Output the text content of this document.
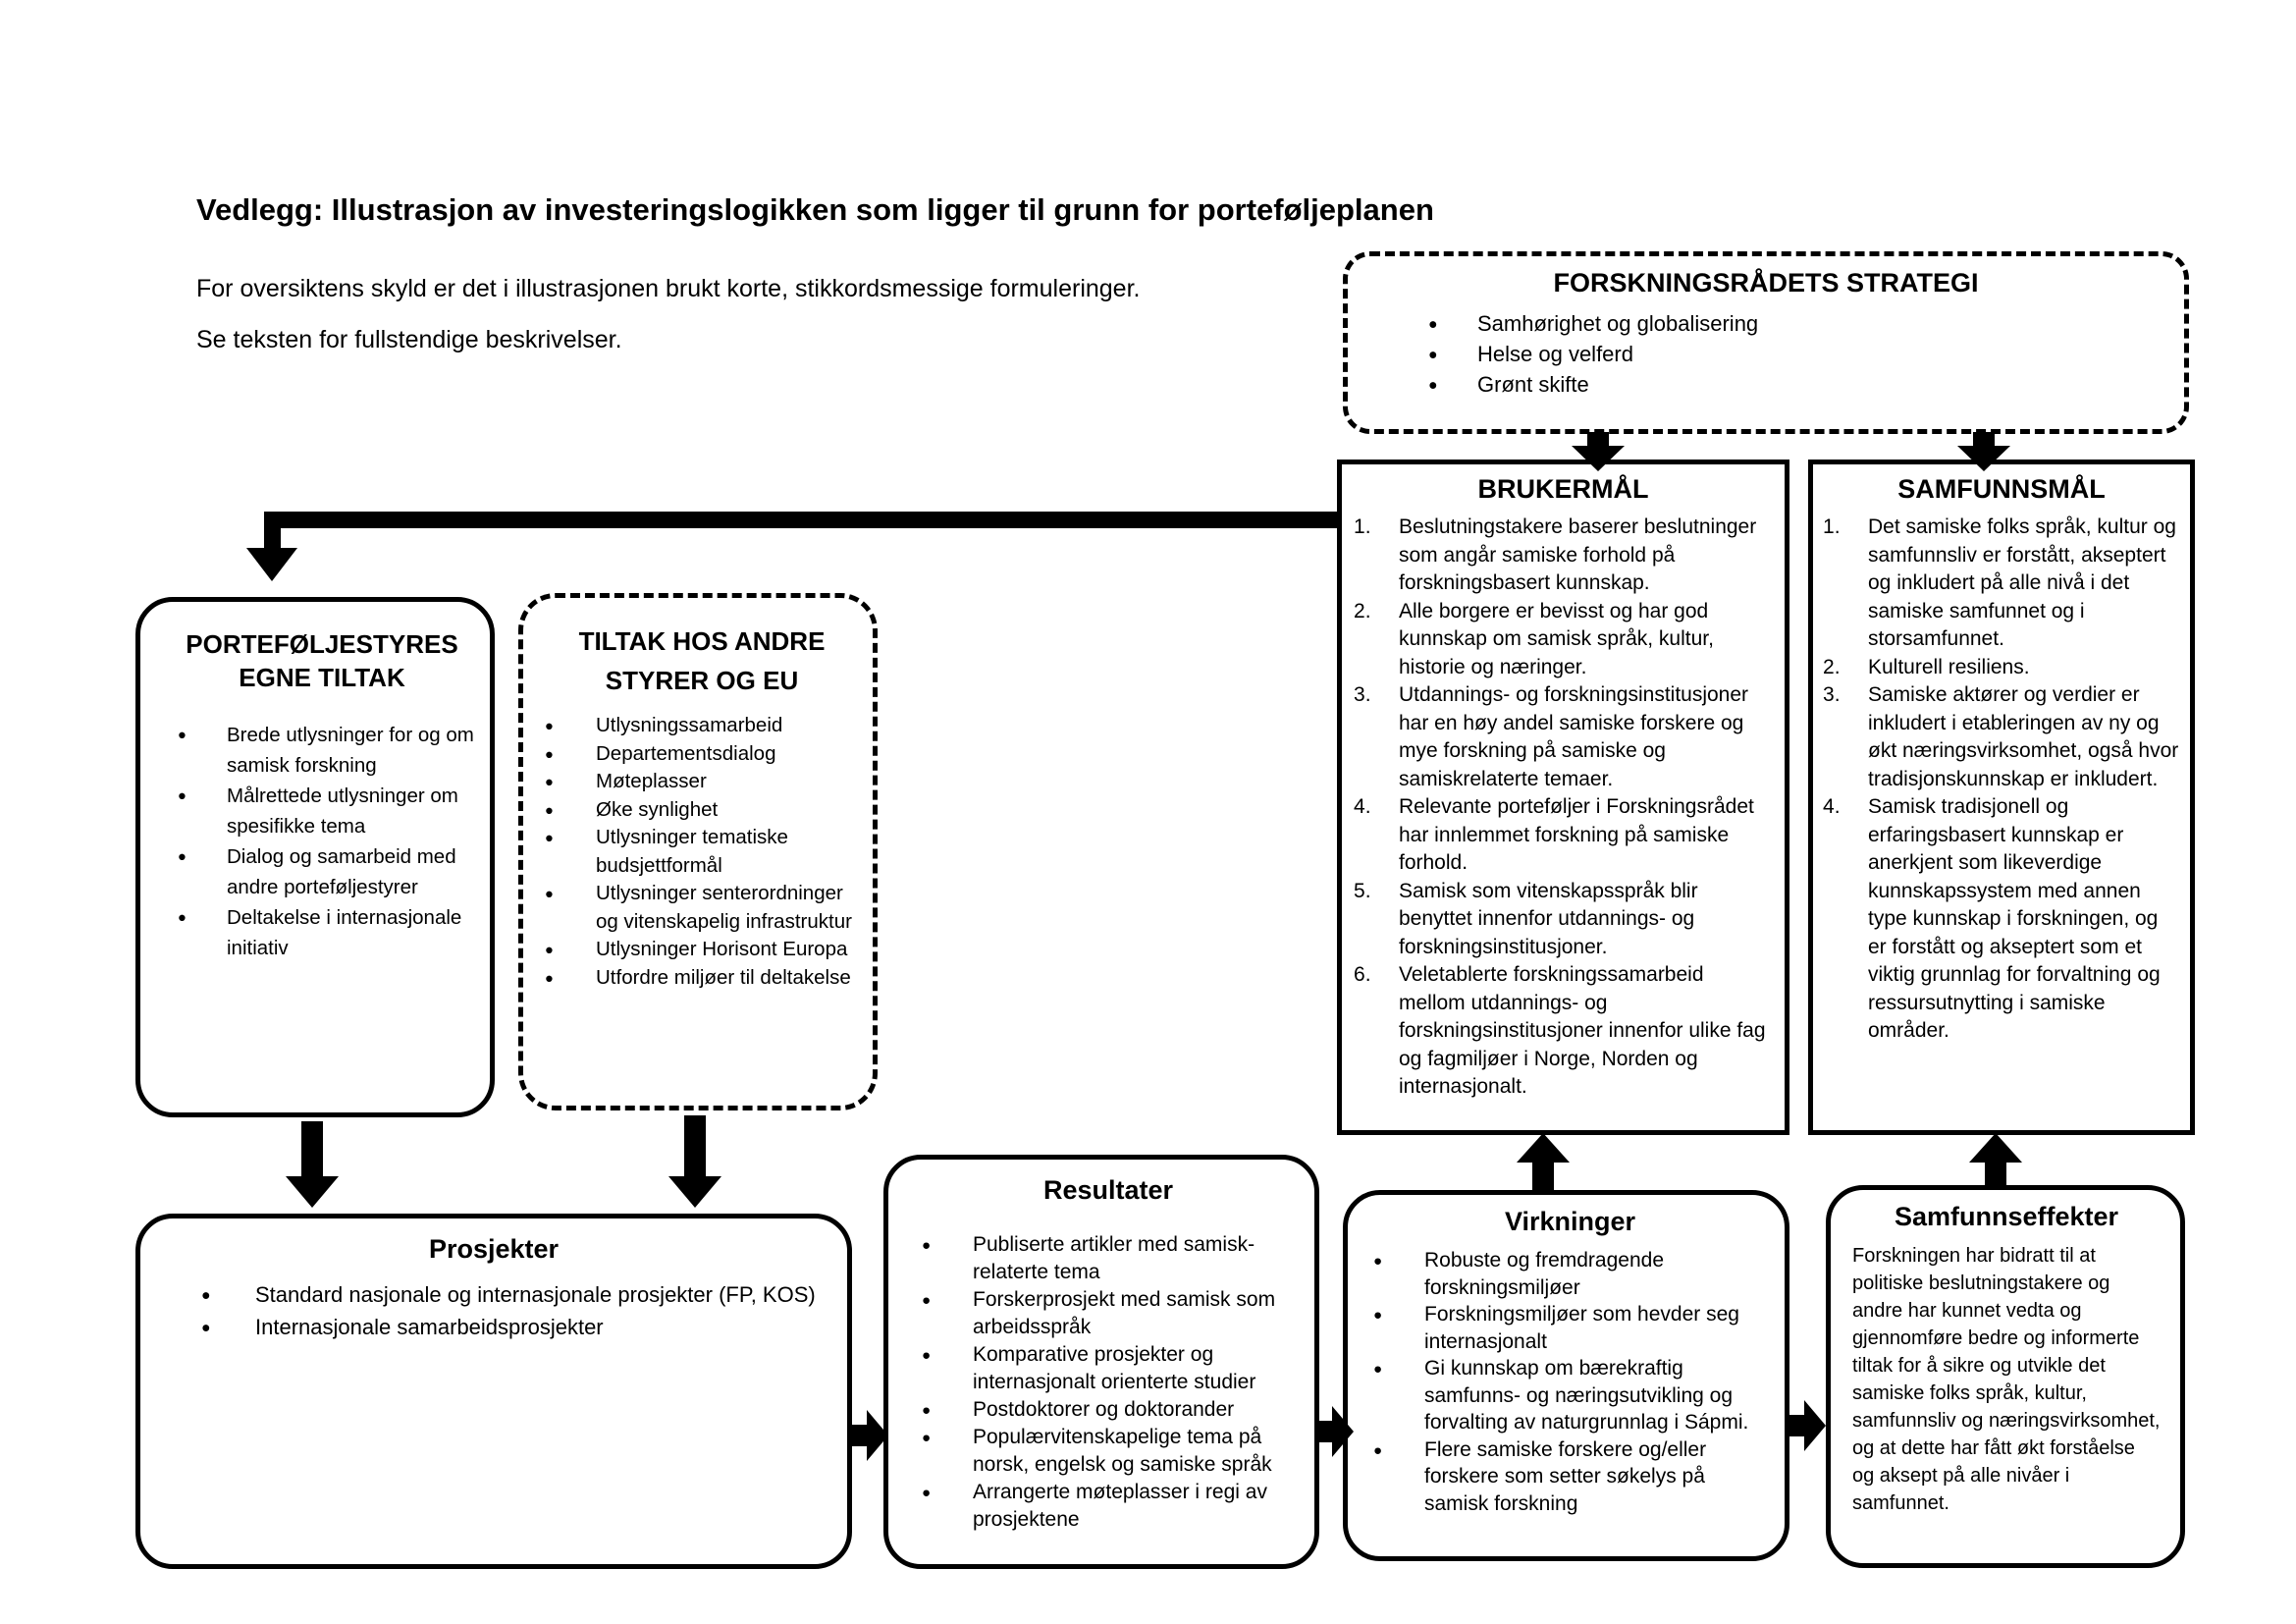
Vedlegg: Illustrasjon av investeringslogikken som ligger til grunn for porteføljeplanen
For oversiktens skyld er det i illustrasjonen brukt korte, stikkordsmessige formuleringer.
Se teksten for fullstendige beskrivelser.
FORSKNINGSRÅDETS STRATEGI
● Samhørighet og globalisering
● Helse og velferd
● Grønt skifte
BRUKERMÅL
Beslutningstakere baserer beslutninger som angår samiske forhold på forskningsbasert kunnskap.
Alle borgere er bevisst og har god kunnskap om samisk språk, kultur, historie og næringer.
Utdannings- og forskningsinstitusjoner har en høy andel samiske forskere og mye forskning på samiske og samiskrelaterte temaer.
Relevante porteføljer i Forskningsrådet har innlemmet forskning på samiske forhold.
Samisk som vitenskapsspråk blir benyttet innenfor utdannings- og forskningsinstitusjoner.
Veletablerte forskningssamarbeid mellom utdannings- og forskningsinstitusjoner innenfor ulike fag og fagmiljøer i Norge, Norden og internasjonalt.
SAMFUNNSMÅL
Det samiske folks språk, kultur og samfunnsliv er forstått, akseptert og inkludert på alle nivå i det samiske samfunnet og i storsamfunnet.
Kulturell resiliens.
Samiske aktører og verdier er inkludert i etableringen av ny og økt næringsvirksomhet, også hvor tradisjonskunnskap er inkludert.
Samisk tradisjonell og erfaringsbasert kunnskap er anerkjent som likeverdige kunnskapssystem med annen type kunnskap i forskningen, og er forstått og akseptert som et viktig grunnlag for forvaltning og ressursutnytting i samiske områder.
PORTEFØLJESTYRES EGNE TILTAK
● Brede utlysninger for og om samisk forskning
● Målrettede utlysninger om spesifikke tema
● Dialog og samarbeid med andre porteføljestyrer
● Deltakelse i internasjonale initiativ
TILTAK HOS ANDRE STYRER OG EU
● Utlysningssamarbeid
● Departementsdialog
● Møteplasser
● Øke synlighet
● Utlysninger tematiske budsjettformål
● Utlysninger senterordninger og vitenskapelig infrastruktur
● Utlysninger Horisont Europa
● Utfordre miljøer til deltakelse
Prosjekter
● Standard nasjonale og internasjonale prosjekter (FP, KOS)
● Internasjonale samarbeidsprosjekter
Resultater
● Publiserte artikler med samisk-relaterte tema
● Forskerprosjekt med samisk som arbeidsspråk
● Komparative prosjekter og internasjonalt orienterte studier
● Postdoktorer og doktorander
● Populærvitenskapelige tema på norsk, engelsk og samiske språk
● Arrangerte møteplasser i regi av prosjektene
Virkninger
● Robuste og fremdragende forskningsmiljøer
● Forskningsmiljøer som hevder seg internasjonalt
● Gi kunnskap om bærekraftig samfunns- og næringsutvikling og forvalting av naturgrunnlag i Sápmi.
● Flere samiske forskere og/eller forskere som setter søkelys på samisk forskning
Samfunnseffekter

Forskningen har bidratt til at politiske beslutningstakere og andre har kunnet vedta og gjennomføre bedre og informerte tiltak for å sikre og utvikle det samiske folks språk, kultur, samfunnsliv og næringsvirksomhet, og at dette har fått økt forståelse og aksept på alle nivåer i samfunnet.
